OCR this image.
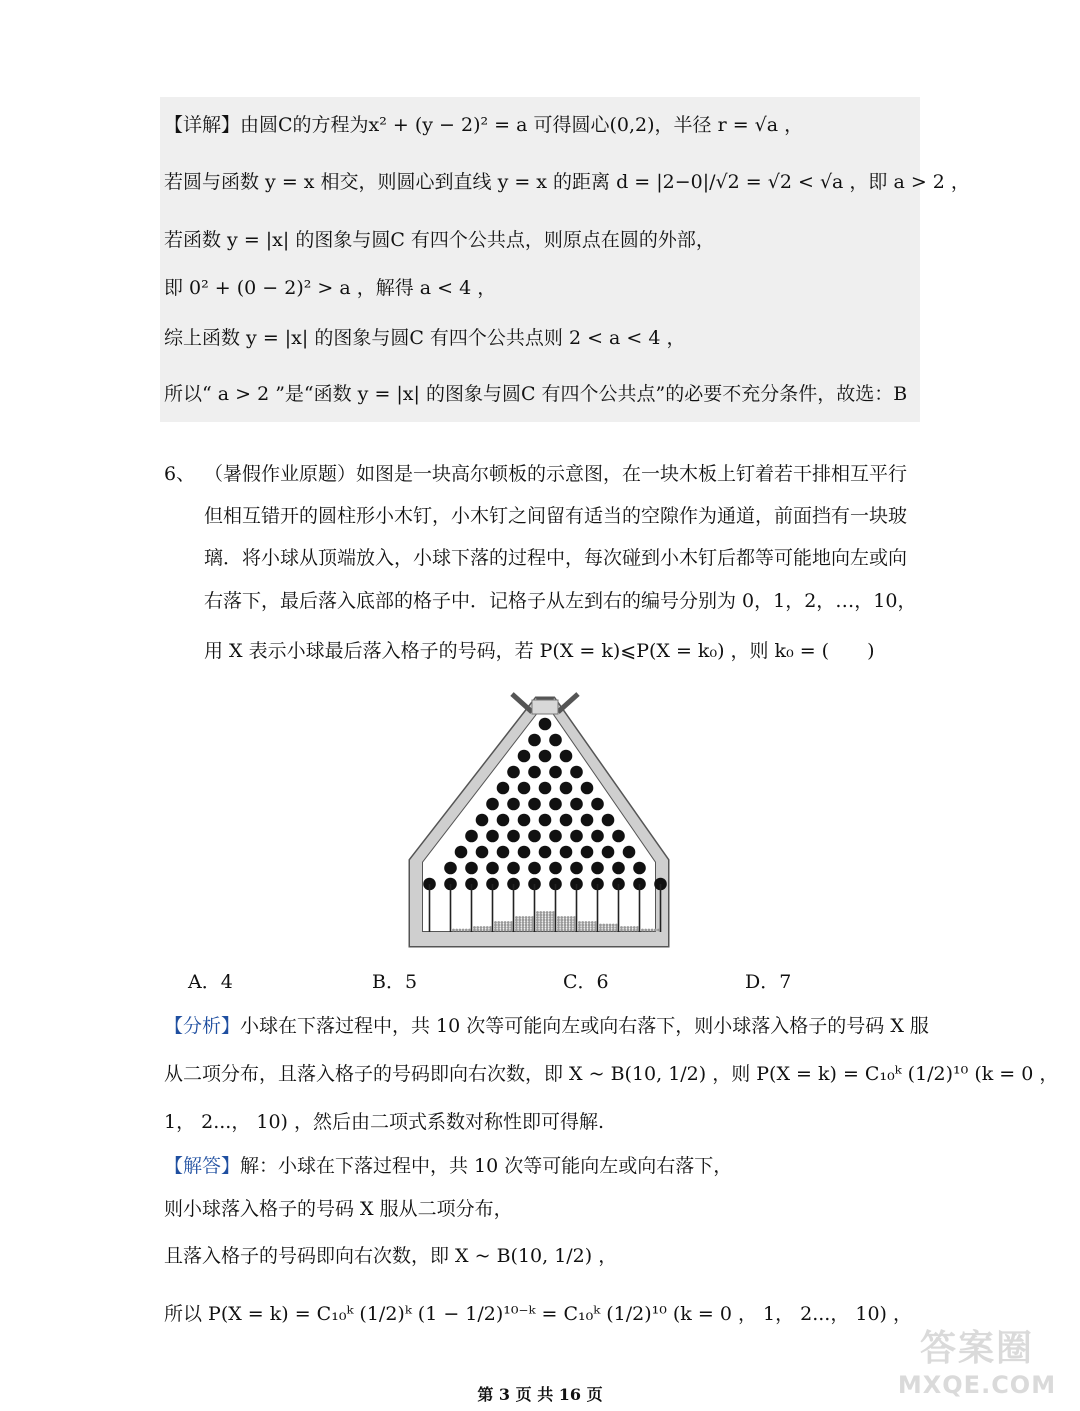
【详解】由圆C的方程为x² + (y − 2)² = a 可得圆心(0,2)，半径 r = √a ，
若圆与函数 y = x 相交，则圆心到直线 y = x 的距离 d = |2−0|/√2 = √2 < √a ，即 a > 2 ，
若函数 y = |x| 的图象与圆C 有四个公共点，则原点在圆的外部，
即 0² + (0 − 2)² > a ，解得 a < 4 ，
综上函数 y = |x| 的图象与圆C 有四个公共点则 2 < a < 4 ，
所以“ a > 2 ”是“函数 y = |x| 的图象与圆C 有四个公共点”的必要不充分条件，故选：B
6、 （暑假作业原题）如图是一块高尔顿板的示意图，在一块木板上钉着若干排相互平行
但相互错开的圆柱形小木钉，小木钉之间留有适当的空隙作为通道，前面挡有一块玻
璃．将小球从顶端放入，小球下落的过程中，每次碰到小木钉后都等可能地向左或向
右落下，最后落入底部的格子中．记格子从左到右的编号分别为 0，1，2，…，10，
用 X 表示小球最后落入格子的号码，若 P(X = k)⩽P(X = k₀) ，则 k₀ = (　　)
A．4	B．5	C．6	D．7
【分析】小球在下落过程中，共 10 次等可能向左或向右落下，则小球落入格子的号码 X 服
从二项分布，且落入格子的号码即向右次数，即 X ~ B(10, 1/2) ，则 P(X = k) = C₁₀ᵏ (1/2)¹⁰ (k = 0 ，
1， 2...， 10) ，然后由二项式系数对称性即可得解.
【解答】解：小球在下落过程中，共 10 次等可能向左或向右落下，
则小球落入格子的号码 X 服从二项分布，
且落入格子的号码即向右次数，即 X ~ B(10, 1/2) ，
所以 P(X = k) = C₁₀ᵏ (1/2)ᵏ (1 − 1/2)¹⁰⁻ᵏ = C₁₀ᵏ (1/2)¹⁰ (k = 0 ， 1， 2...， 10) ，
第 3 页 共 16 页
答案圈
MXQE.COM
